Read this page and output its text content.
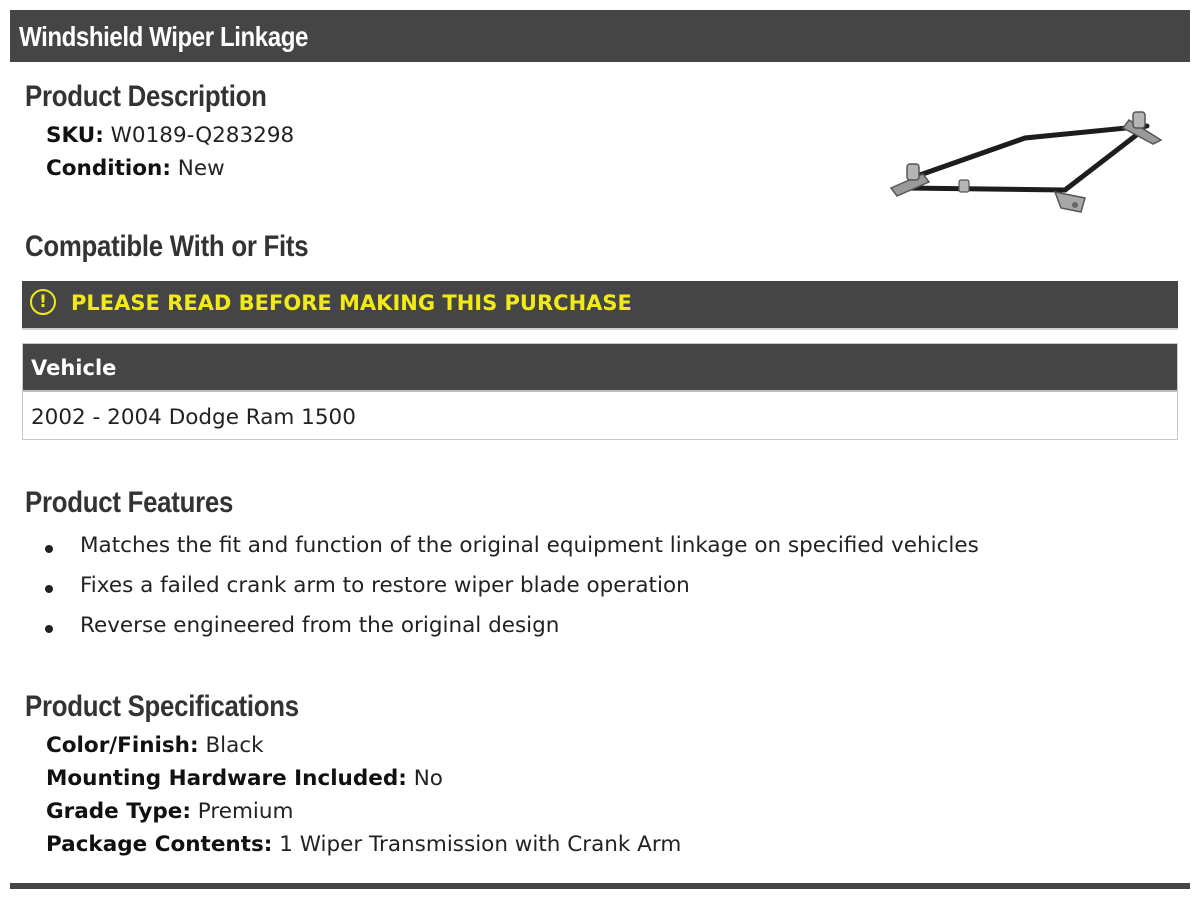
Windshield Wiper Linkage
Product Description
SKU: W0189-Q283298
Condition: New
Compatible With or Fits
!	PLEASE READ BEFORE MAKING THIS PURCHASE
Vehicle
2002 - 2004 Dodge Ram 1500
Product Features
Matches the fit and function of the original equipment linkage on specified vehicles
Fixes a failed crank arm to restore wiper blade operation
Reverse engineered from the original design
Product Specifications
Color/Finish: Black
Mounting Hardware Included: No
Grade Type: Premium
Package Contents: 1 Wiper Transmission with Crank Arm
